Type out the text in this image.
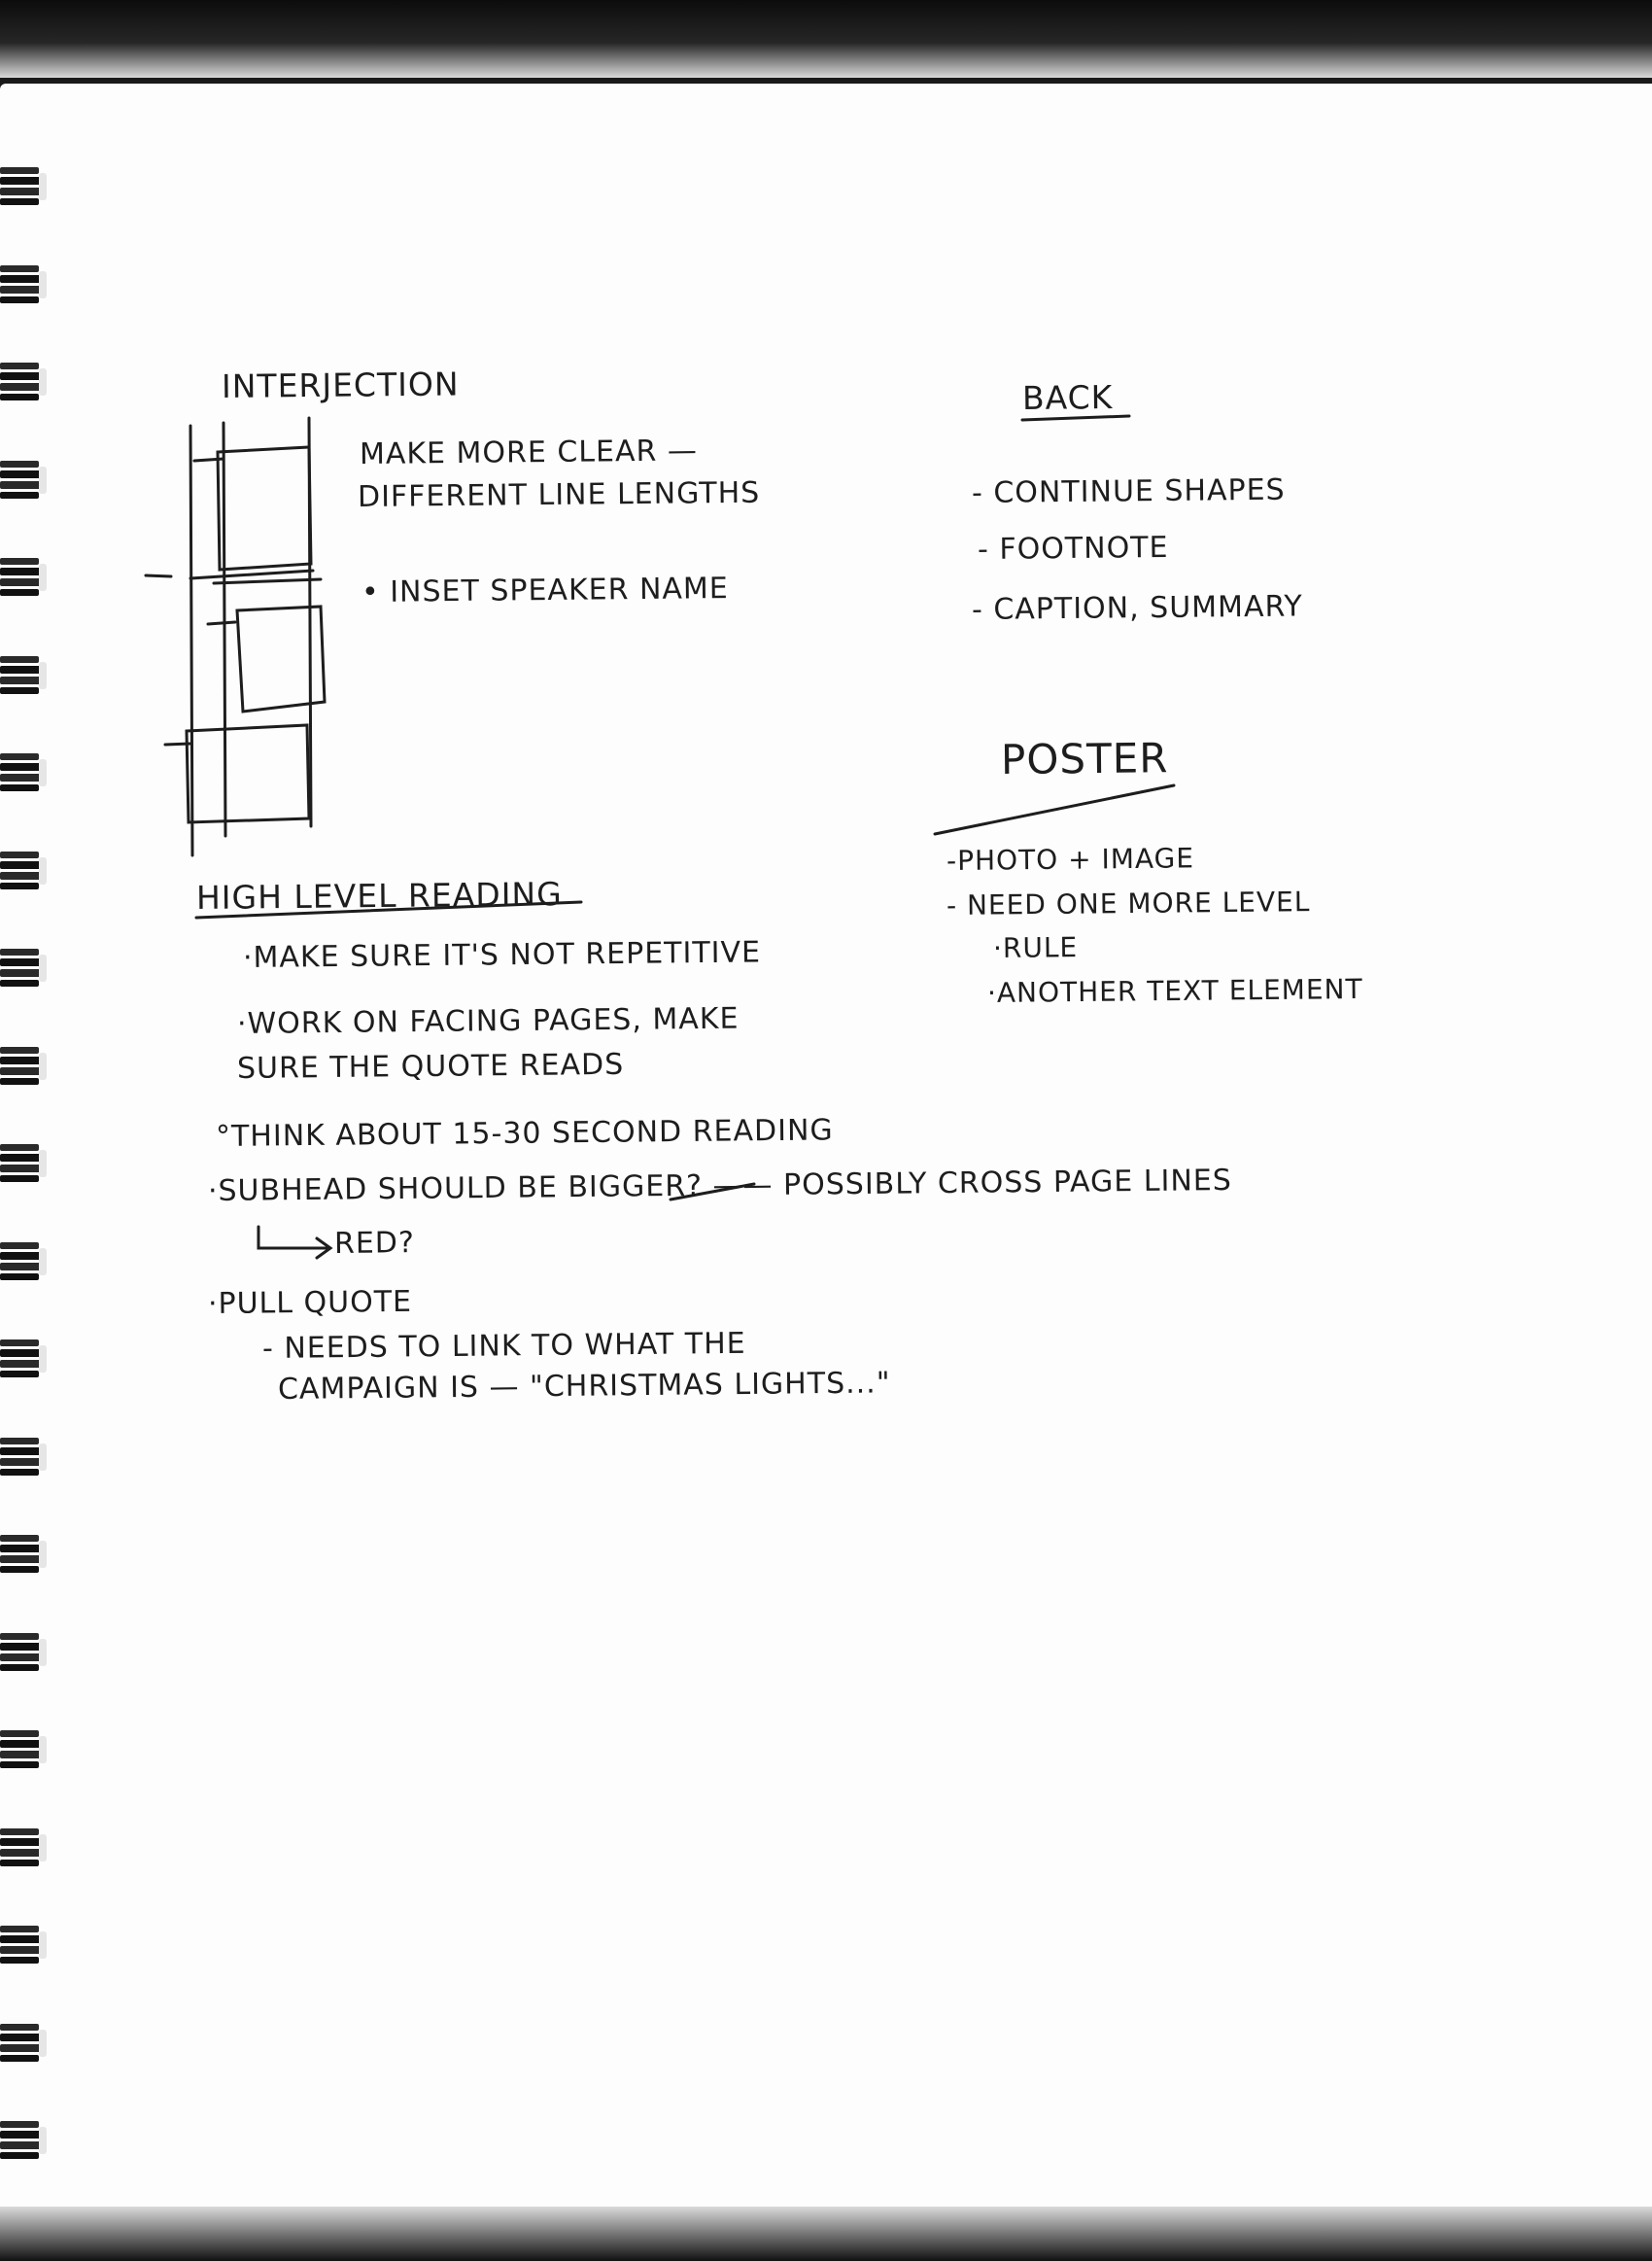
INTERJECTION

MAKE MORE CLEAR —

DIFFERENT LINE LENGTHS

• INSET SPEAKER NAME

BACK

- CONTINUE SHAPES

- FOOTNOTE

- CAPTION, SUMMARY

POSTER

-PHOTO + IMAGE

- NEED ONE MORE LEVEL

·RULE

·ANOTHER TEXT ELEMENT

HIGH LEVEL READING

·MAKE SURE IT'S NOT REPETITIVE

·WORK ON FACING PAGES, MAKE

SURE THE QUOTE READS

°THINK ABOUT 15-30 SECOND READING

·SUBHEAD SHOULD BE BIGGER? —— POSSIBLY CROSS PAGE LINES

RED?

·PULL QUOTE

- NEEDS TO LINK TO WHAT THE

CAMPAIGN IS — "CHRISTMAS LIGHTS..."
